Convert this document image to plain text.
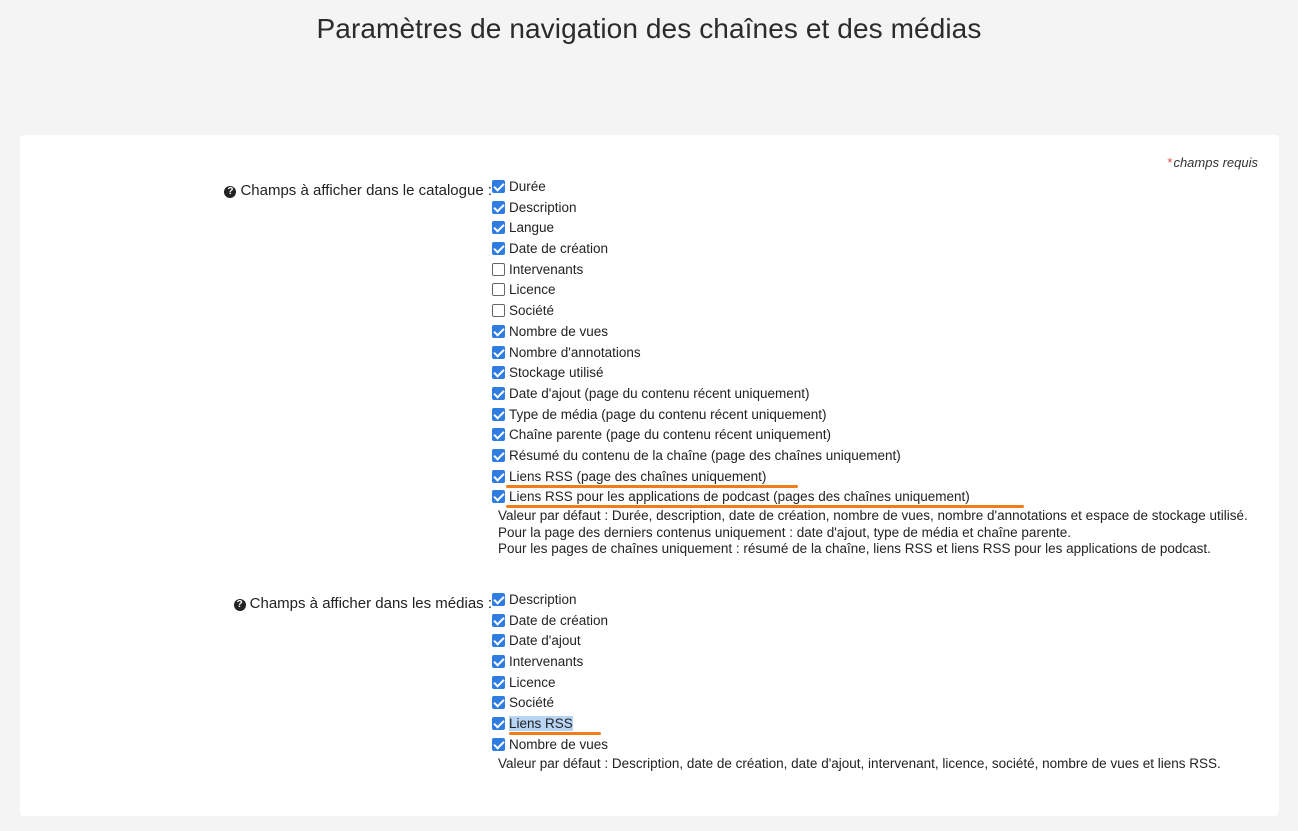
Paramètres de navigation des chaînes et des médias
*champs requis
? Champs à afficher dans le catalogue :	Durée
Description
Langue
Date de création
Intervenants
Licence
Société
Nombre de vues
Nombre d'annotations
Stockage utilisé
Date d'ajout (page du contenu récent uniquement)
Type de média (page du contenu récent uniquement)
Chaîne parente (page du contenu récent uniquement)
Résumé du contenu de la chaîne (page des chaînes uniquement)
Liens RSS (page des chaînes uniquement)
Liens RSS pour les applications de podcast (pages des chaînes uniquement)
Valeur par défaut : Durée, description, date de création, nombre de vues, nombre d'annotations et espace de stockage utilisé.
Pour la page des derniers contenus uniquement : date d'ajout, type de média et chaîne parente.
Pour les pages de chaînes uniquement : résumé de la chaîne, liens RSS et liens RSS pour les applications de podcast.
? Champs à afficher dans les médias :	Description
Date de création
Date d'ajout
Intervenants
Licence
Société
Liens RSS
Nombre de vues
Valeur par défaut : Description, date de création, date d'ajout, intervenant, licence, société, nombre de vues et liens RSS.
